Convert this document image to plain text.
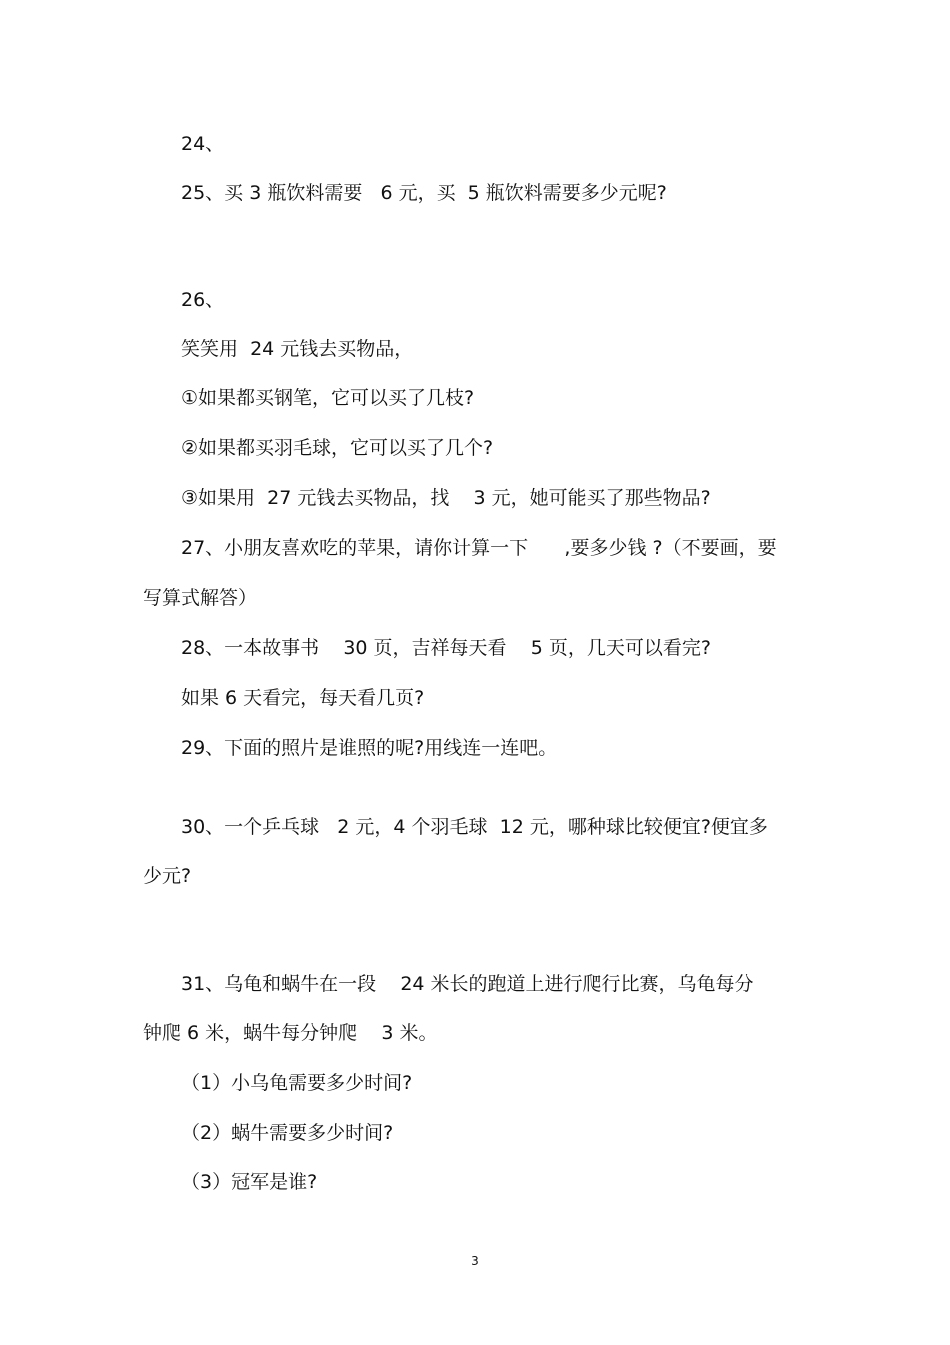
24、
25、买 3 瓶饮料需要   6 元，买  5 瓶饮料需要多少元呢?
26、
笑笑用  24 元钱去买物品，
①如果都买钢笔，它可以买了几枝?
②如果都买羽毛球，它可以买了几个?
③如果用  27 元钱去买物品，找    3 元，她可能买了那些物品?
27、小朋友喜欢吃的苹果，请你计算一下      ,要多少钱 ?（不要画，要
写算式解答）
28、一本故事书    30 页，吉祥每天看    5 页，几天可以看完?
如果 6 天看完，每天看几页?
29、下面的照片是谁照的呢?用线连一连吧。
30、一个乒乓球   2 元，4 个羽毛球  12 元，哪种球比较便宜?便宜多
少元?
31、乌龟和蜗牛在一段    24 米长的跑道上进行爬行比赛，乌龟每分
钟爬 6 米，蜗牛每分钟爬    3 米。
（1）小乌龟需要多少时间?
（2）蜗牛需要多少时间?
（3）冠军是谁?
3
